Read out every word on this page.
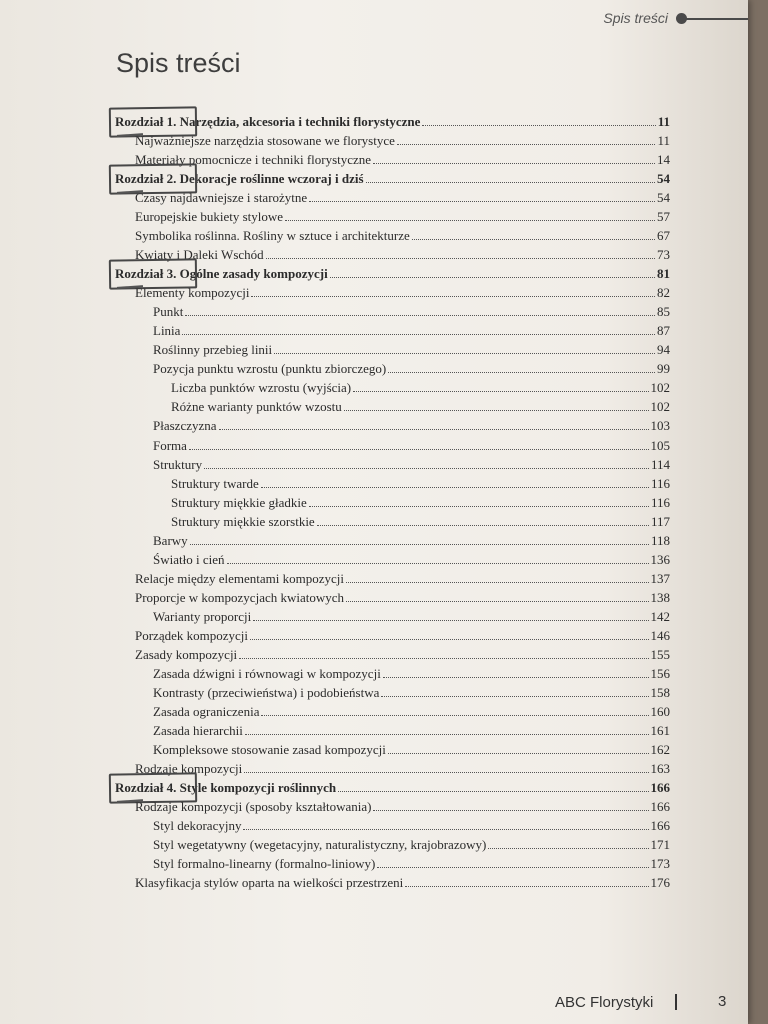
Spis treści
Spis treści
Rozdział 1. Narzędzia, akcesoria i techniki florystyczne	11
Najważniejsze narzędzia stosowane we florystyce	11
Materiały pomocnicze i techniki florystyczne	14
Rozdział 2. Dekoracje roślinne wczoraj i dziś	54
Czasy najdawniejsze i starożytne	54
Europejskie bukiety stylowe	57
Symbolika roślinna. Rośliny w sztuce i architekturze	67
Kwiaty i Daleki Wschód	73
Rozdział 3. Ogólne zasady kompozycji	81
Elementy kompozycji	82
Punkt	85
Linia	87
Roślinny przebieg linii	94
Pozycja punktu wzrostu (punktu zbiorczego)	99
Liczba punktów wzrostu (wyjścia)	102
Różne warianty punktów wzostu	102
Płaszczyzna	103
Forma	105
Struktury	114
Struktury twarde	116
Struktury miękkie gładkie	116
Struktury miękkie szorstkie	117
Barwy	118
Światło i cień	136
Relacje między elementami kompozycji	137
Proporcje w kompozycjach kwiatowych	138
Warianty proporcji	142
Porządek kompozycji	146
Zasady kompozycji	155
Zasada dźwigni i równowagi w kompozycji	156
Kontrasty (przeciwieństwa) i podobieństwa	158
Zasada ograniczenia	160
Zasada hierarchii	161
Kompleksowe stosowanie zasad kompozycji	162
Rodzaje kompozycji	163
Rozdział 4. Style kompozycji roślinnych	166
Rodzaje kompozycji (sposoby kształtowania)	166
Styl dekoracyjny	166
Styl wegetatywny (wegetacyjny, naturalistyczny, krajobrazowy)	171
Styl formalno-linearny (formalno-liniowy)	173
Klasyfikacja stylów oparta na wielkości przestrzeni	176
ABC Florystyki	3
